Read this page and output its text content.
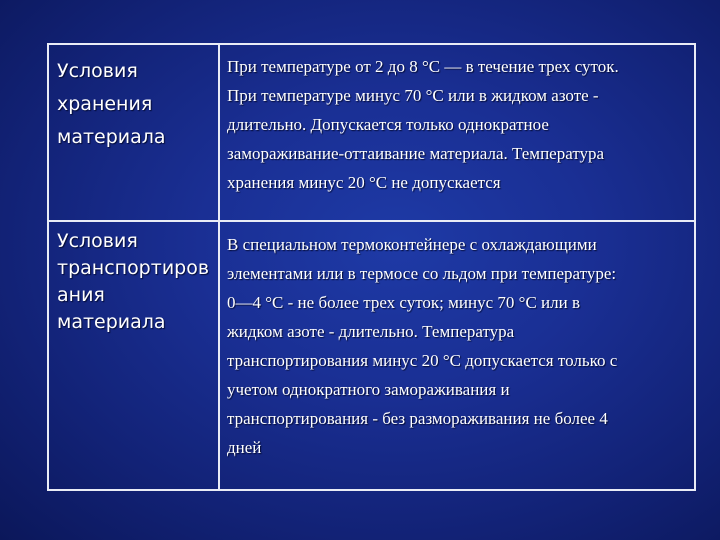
Условия
хранения
материала
При температуре от 2 до 8 °С — в течение трех суток.
При температуре минус 70 °С или в жидком азоте -
длительно. Допускается только однократное
замораживание-оттаивание материала. Температура
хранения минус 20 °С не допускается
Условия
транспортиров
ания
материала
В специальном термоконтейнере с охлаждающими
элементами или в термосе со льдом при температуре:
0—4 °С - не более трех суток; минус 70 °С или в
жидком азоте - длительно. Температура
транспортирования минус 20 °С допускается только с
учетом однократного замораживания и
транспортирования - без размораживания не более 4
дней
